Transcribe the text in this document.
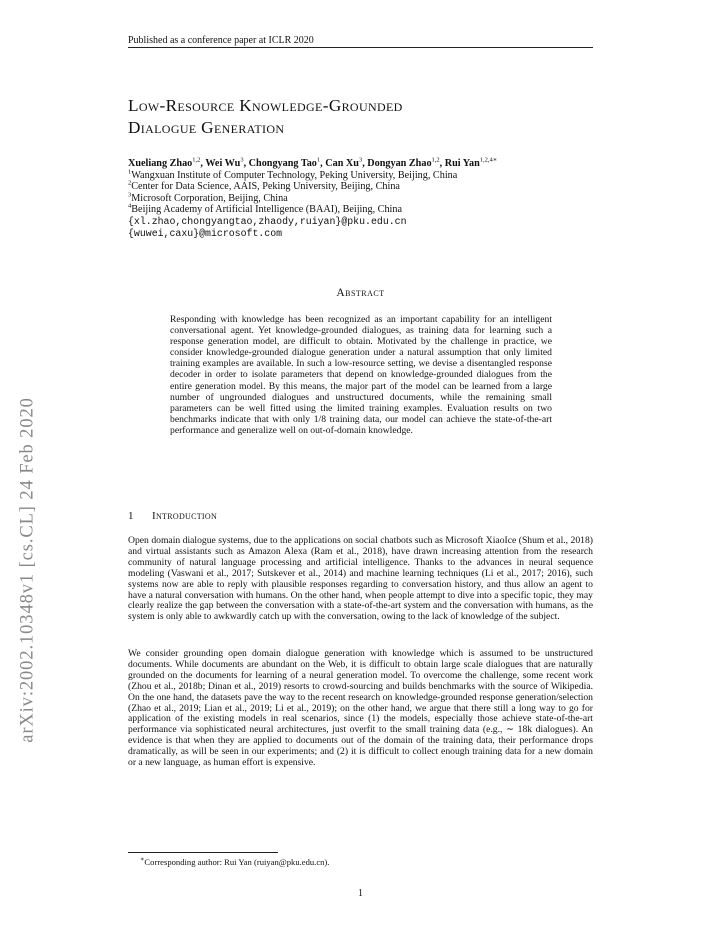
Published as a conference paper at ICLR 2020
arXiv:2002.10348v1 [cs.CL] 24 Feb 2020
Low-Resource Knowledge-Grounded
Dialogue Generation
Xueliang Zhao$^{1,2}$, Wei Wu$^3$, Chongyang Tao$^1$, Can Xu$^3$, Dongyan Zhao$^{1,2}$, Rui Yan$^{1,2,4∗}$
$^1$Wangxuan Institute of Computer Technology, Peking University, Beijing, China
$^2$Center for Data Science, AAIS, Peking University, Beijing, China
$^3$Microsoft Corporation, Beijing, China
$^4$Beijing Academy of Artificial Intelligence (BAAI), Beijing, China
{xl.zhao,chongyangtao,zhaody,ruiyan}@pku.edu.cn
{wuwei,caxu}@microsoft.com
Abstract
Responding with knowledge has been recognized as an important capability for an intelligent conversational agent. Yet knowledge-grounded dialogues, as training data for learning such a response generation model, are difficult to obtain. Motivated by the challenge in practice, we consider knowledge-grounded dialogue generation under a natural assumption that only limited training examples are available. In such a low-resource setting, we devise a disentangled response decoder in order to isolate parameters that depend on knowledge-grounded dialogues from the entire generation model. By this means, the major part of the model can be learned from a large number of ungrounded dialogues and unstructured documents, while the remaining small parameters can be well fitted using the limited training examples. Evaluation results on two benchmarks indicate that with only 1/8 training data, our model can achieve the state-of-the-art performance and generalize well on out-of-domain knowledge.
1 Introduction
Open domain dialogue systems, due to the applications on social chatbots such as Microsoft XiaoIce (Shum et al., 2018) and virtual assistants such as Amazon Alexa (Ram et al., 2018), have drawn increasing attention from the research community of natural language processing and artificial intelligence. Thanks to the advances in neural sequence modeling (Vaswani et al., 2017; Sutskever et al., 2014) and machine learning techniques (Li et al., 2017; 2016), such systems now are able to reply with plausible responses regarding to conversation history, and thus allow an agent to have a natural conversation with humans. On the other hand, when people attempt to dive into a specific topic, they may clearly realize the gap between the conversation with a state-of-the-art system and the conversation with humans, as the system is only able to awkwardly catch up with the conversation, owing to the lack of knowledge of the subject.
We consider grounding open domain dialogue generation with knowledge which is assumed to be unstructured documents. While documents are abundant on the Web, it is difficult to obtain large scale dialogues that are naturally grounded on the documents for learning of a neural generation model. To overcome the challenge, some recent work (Zhou et al., 2018b; Dinan et al., 2019) resorts to crowd-sourcing and builds benchmarks with the source of Wikipedia. On the one hand, the datasets pave the way to the recent research on knowledge-grounded response generation/selection (Zhao et al., 2019; Lian et al., 2019; Li et al., 2019); on the other hand, we argue that there still a long way to go for application of the existing models in real scenarios, since (1) the models, especially those achieve state-of-the-art performance via sophisticated neural architectures, just overfit to the small training data (e.g., ∼ 18k dialogues). An evidence is that when they are applied to documents out of the domain of the training data, their performance drops dramatically, as will be seen in our experiments; and (2) it is difficult to collect enough training data for a new domain or a new language, as human effort is expensive.
∗Corresponding author: Rui Yan (ruiyan@pku.edu.cn).
1
